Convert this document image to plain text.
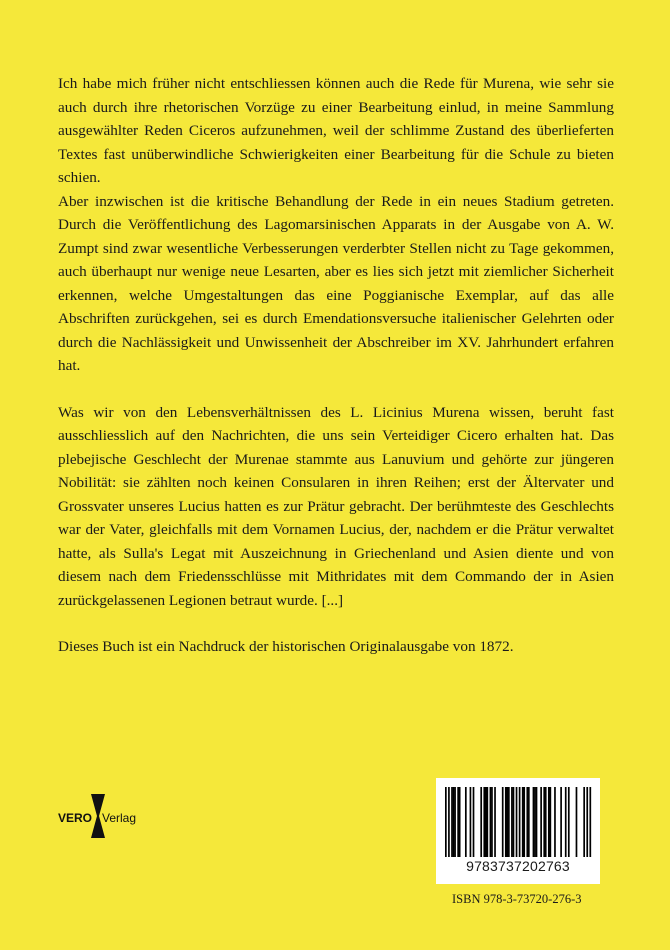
Ich habe mich früher nicht entschliessen können auch die Rede für Murena, wie sehr sie auch durch ihre rhetorischen Vorzüge zu einer Bearbeitung einlud, in meine Sammlung ausgewählter Reden Ciceros aufzunehmen, weil der schlimme Zustand des überlieferten Textes fast unüberwindliche Schwierigkeiten einer Bearbeitung für die Schule zu bieten schien.

Aber inzwischen ist die kritische Behandlung der Rede in ein neues Stadium getreten. Durch die Veröffentlichung des Lagomarsinischen Apparats in der Ausgabe von A. W. Zumpt sind zwar wesentliche Verbesserungen verderbter Stellen nicht zu Tage gekommen, auch überhaupt nur wenige neue Lesarten, aber es lies sich jetzt mit ziemlicher Sicherheit erkennen, welche Umgestaltungen das eine Poggianische Exemplar, auf das alle Abschriften zurückgehen, sei es durch Emendationsversuche italienischer Gelehrten oder durch die Nachlässigkeit und Unwissenheit der Abschreiber im XV. Jahrhundert erfahren hat.

Was wir von den Lebensverhältnissen des L. Licinius Murena wissen, beruht fast ausschliesslich auf den Nachrichten, die uns sein Verteidiger Cicero erhalten hat. Das plebejische Geschlecht der Murenae stammte aus Lanuvium und gehörte zur jüngeren Nobilität: sie zählten noch keinen Consularen in ihren Reihen; erst der Ältervater und Grossvater unseres Lucius hatten es zur Prätur gebracht. Der berühmteste des Geschlechts war der Vater, gleichfalls mit dem Vornamen Lucius, der, nachdem er die Prätur verwaltet hatte, als Sulla's Legat mit Auszeichnung in Griechenland und Asien diente und von diesem nach dem Friedensschlüsse mit Mithridates mit dem Commando der in Asien zurückgelassenen Legionen betraut wurde. [...]

Dieses Buch ist ein Nachdruck der historischen Originalausgabe von 1872.

VERO Verlag
9783737202763
ISBN 978-3-73720-276-3
